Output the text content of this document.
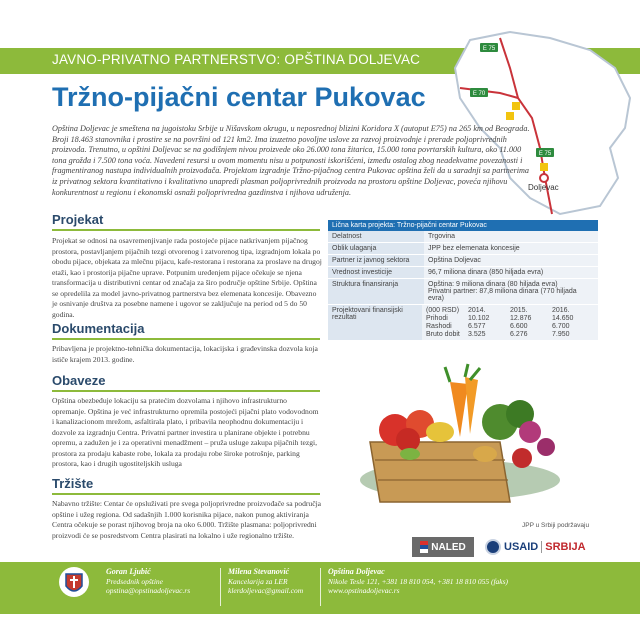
JAVNO-PRIVATNO PARTNERSTVO: OPŠTINA DOLJEVAC
E 75
E 70
E 75
Doljevac
Tržno-pijačni centar Pukovac
Opština Doljevac je smeštena na jugoistoku Srbije u Nišavskom okrugu, u neposrednoj blizini Koridora X (autoput E75) na 265 km od Beograda. Broji 18.463 stanovnika i prostire se na površini od 121 km2. Ima izuzetno povoljne uslove za razvoj proizvodnje i prerade poljoprivrednih proizvoda. Trenutno, u opštini Doljevac se na godišnjem nivou proizvede oko 26.000 tona žitarica, 15.000 tona povrtarskih kultura, oko 11.000 tona grožđa i 7.500 tona voća. Navedeni resursi u ovom momentu nisu u potpunosti iskorišćeni, između ostalog zbog neadekvatne povezanosti i fragmentiranog nastupa individualnih proizvođača. Projektom izgradnje Tržno-pijačnog centra Pukovac opština želi da u saradnji sa partnerima iz privatnog sektora kvantitativno i kvalitativno unapredi plasman poljoprivrednih proizvoda na prostoru opštine Doljevac, poveća njihovu konkurentnost u regionu i ekonomski osnaži poljoprivredna gazdinstva i njihova udruženja.
Projekat
Projekat se odnosi na osavremenjivanje rada postojeće pijace natkrivanjem pijačnog prostora, postavljanjem pijačnih tezgi otvorenog i zatvorenog tipa, izgradnjom lokala po obodu pijace, objekata za mlečnu pijacu, kafe-restorana i restorana za proslave na drugoj etaži, kao i prostorija pijačne uprave. Potpunim uređenjem pijace očekuje se njena transformacija u distributivni centar od značaja za širo područje opštine Srbije. Opština se opredelila za model javno-privatnog partnerstva bez elemenata koncesije. Obavezno je osnivanje društva za posebne namene i ugovor se zaključuje na period od 5 do 50 godina.
Dokumentacija
Pribavljena je projektno-tehnička dokumentacija, lokacijska i građevinska dozvola koja ističe krajem 2013. godine.
Obaveze
Opština obezbeđuje lokaciju sa pratećim dozvolama i njihovo infrastrukturno opremanje. Opština je već infrastrukturno opremila postojeći pijačni plato vodovodnom i kanalizacionom mrežom, asfaltirala plato, i pribavila neophodnu dokumentaciju i dozvole za izgradnju Centra. Privatni partner investira u planirane objekte i potrebnu opremu, a zadužen je i za operativni menadžment – pruža usluge zakupa pijačnih tezgi, prostora za prodaju kabaste robe, lokala za prodaju robe široke potrošnje, parking prostora, kao i drugih ugostiteljskih usluga
Tržište
Nabavno tržište: Centar će opsluživati pre svega poljoprivredne proizvođače sa područja opštine i užeg regiona. Od sadašnjih 1.000 korisnika pijace, nakon punog aktiviranja Centra očekuje se porast njihovog broja na oko 6.000. Tržište plasmana: poljoprivredni proizvodi će se posredstvom Centra plasirati na lokalno i uže regionalno tržište.
Lična karta projekta: Tržno-pijačni centar Pukovac
Delatnost	Trgovina
Oblik ulaganja	JPP bez elemenata koncesije
Partner iz javnog sektora	Opština Doljevac
Vrednost investicije	96,7 miliona dinara (850 hiljada evra)
Struktura finansiranja	Opština: 9 miliona dinara (80 hiljada evra)
Privatni partner: 87,8 miliona dinara (770 hiljada evra)
Projektovani finansijski rezultati
(000 RSD)	2014.	2015.	2016.
Prihodi	10.102	12.876	14.650
Rashodi	6.577	6.600	6.700
Bruto dobit	3.525	6.276	7.950
JPP u Srbiji podržavaju
NALED	USAID SRBIJA
Goran Ljubić
Predsednik opštine
opstina@opstinadoljevac.rs
Milena Stevanović
Kancelarija za LER
klerdoljevac@gmail.com
Opština Doljevac
Nikole Tesle 121, +381 18 810 054, +381 18 810 055 (faks)
www.opstinadoljevac.rs
